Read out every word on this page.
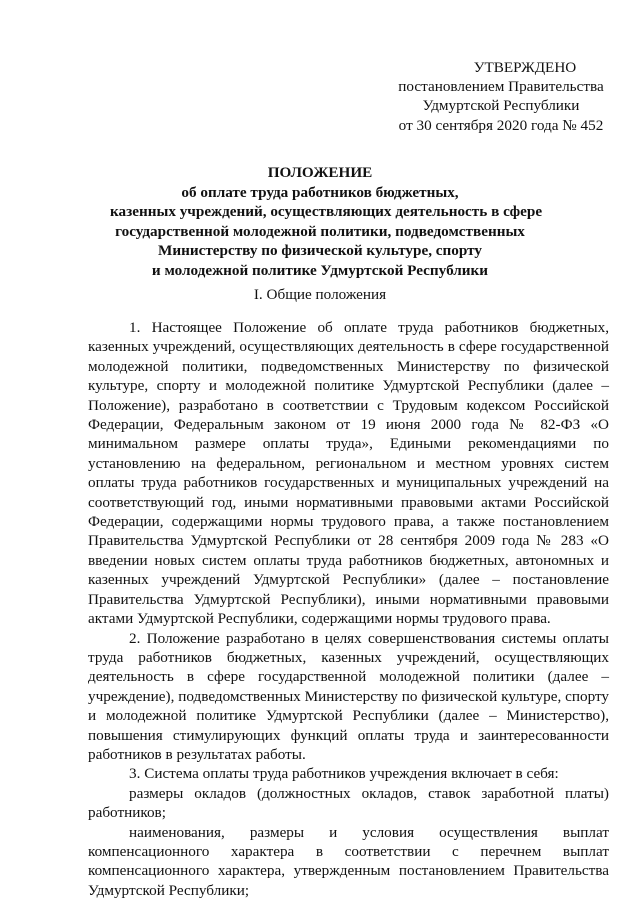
УТВЕРЖДЕНО
постановлением Правительства
Удмуртской Республики
от 30 сентября 2020 года № 452
ПОЛОЖЕНИЕ
об оплате труда работников бюджетных,
казенных учреждений, осуществляющих деятельность в сфере
государственной молодежной политики, подведомственных
Министерству по физической культуре, спорту
и молодежной политике Удмуртской Республики
I. Общие положения

1. Настоящее Положение об оплате труда работников бюджетных, казенных учреждений, осуществляющих деятельность в сфере государственной молодежной политики, подведомственных Министерству по физической культуре, спорту и молодежной политике Удмуртской Республики (далее – Положение), разработано в соответствии с Трудовым кодексом Российской Федерации, Федеральным законом от 19 июня 2000 года № 82-ФЗ «О минимальном размере оплаты труда», Едиными рекомендациями по установлению на федеральном, региональном и местном уровнях систем оплаты труда работников государственных и муниципальных учреждений на соответствующий год, иными нормативными правовыми актами Российской Федерации, содержащими нормы трудового права, а также постановлением Правительства Удмуртской Республики от 28 сентября 2009 года № 283 «О введении новых систем оплаты труда работников бюджетных, автономных и казенных учреждений Удмуртской Республики» (далее – постановление Правительства Удмуртской Республики), иными нормативными правовыми актами Удмуртской Республики, содержащими нормы трудового права.

2. Положение разработано в целях совершенствования системы оплаты труда работников бюджетных, казенных учреждений, осуществляющих деятельность в сфере государственной молодежной политики (далее – учреждение), подведомственных Министерству по физической культуре, спорту и молодежной политике Удмуртской Республики (далее – Министерство), повышения стимулирующих функций оплаты труда и заинтересованности работников в результатах работы.

3. Система оплаты труда работников учреждения включает в себя:

размеры окладов (должностных окладов, ставок заработной платы) работников;

наименования, размеры и условия осуществления выплат компенсационного характера в соответствии с перечнем выплат компенсационного характера, утвержденным постановлением Правительства Удмуртской Республики;
